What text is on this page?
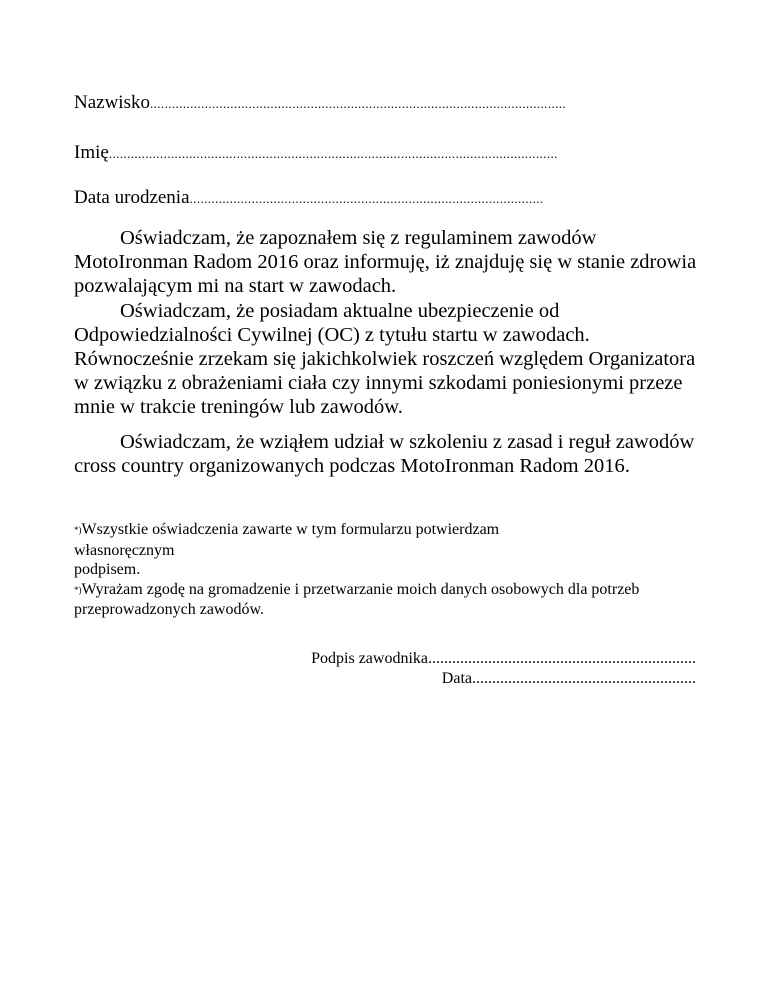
Nazwisko..................................................................................................................
Imię...........................................................................................................................
Data urodzenia.................................................................................................

Oświadczam, że zapoznałem się z regulaminem zawodów MotoIronman Radom 2016 oraz informuję, iż znajduję się w stanie zdrowia pozwalającym mi na start w zawodach.

Oświadczam, że posiadam aktualne ubezpieczenie od Odpowiedzialności Cywilnej (OC) z tytułu startu w zawodach. Równocześnie zrzekam się jakichkolwiek roszczeń względem Organizatora w związku z obrażeniami ciała czy innymi szkodami poniesionymi przeze mnie w trakcie treningów lub zawodów.

Oświadczam, że wziąłem udział w szkoleniu z zasad i reguł zawodów cross country organizowanych podczas MotoIronman Radom 2016.

*)Wszystkie oświadczenia zawarte w tym formularzu potwierdzam
własnoręcznym
podpisem.
*)Wyrażam zgodę na gromadzenie i przetwarzanie moich danych osobowych dla potrzeb przeprowadzonych zawodów.
Podpis zawodnika...................................................................
Data........................................................
